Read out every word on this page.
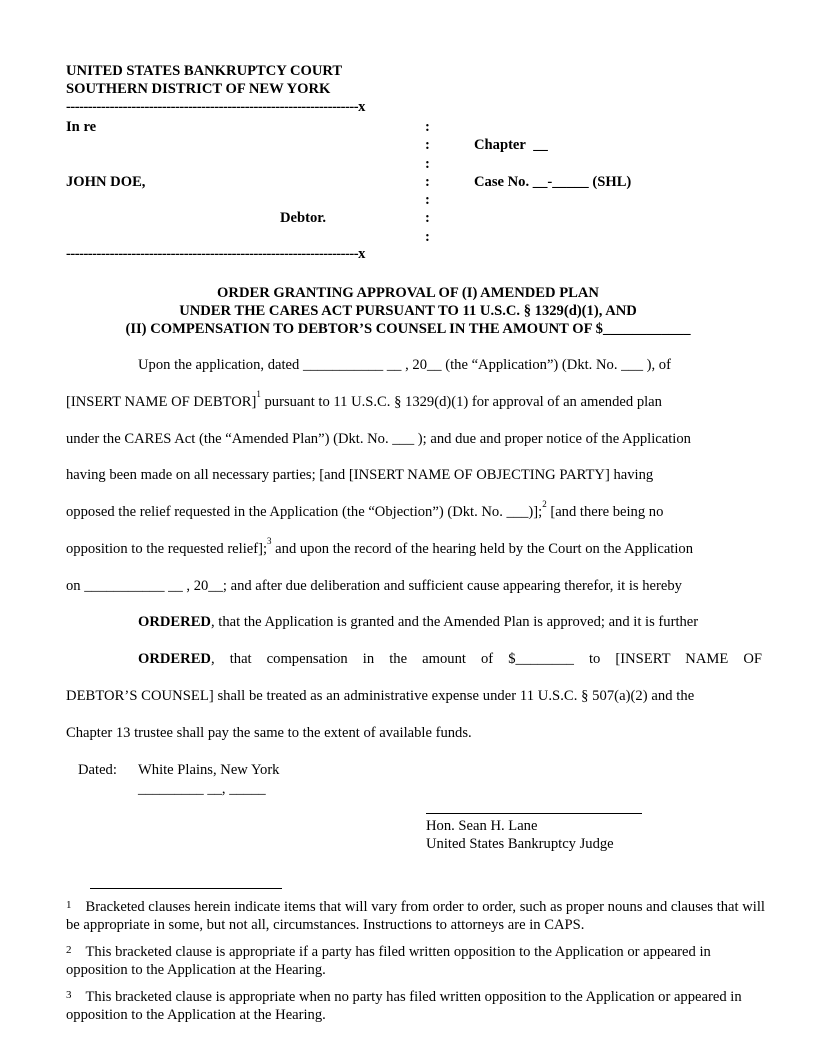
UNITED STATES BANKRUPTCY COURT
SOUTHERN DISTRICT OF NEW YORK
-------------------------------------------------------------------x
In re
JOHN DOE,
Debtor.
:
:
:
:
:
:
:
-------------------------------------------------------------------x
Chapter __
Case No. __-_____ (SHL)
ORDER GRANTING APPROVAL OF (I) AMENDED PLAN
UNDER THE CARES ACT PURSUANT TO 11 U.S.C. § 1329(d)(1), AND
(II) COMPENSATION TO DEBTOR’S COUNSEL IN THE AMOUNT OF $____________
Upon the application, dated ___________ __ , 20__ (the “Application”) (Dkt. No. ___ ), of
[INSERT NAME OF DEBTOR]$^1$ pursuant to 11 U.S.C. § 1329(d)(1) for approval of an amended plan
under the CARES Act (the “Amended Plan”) (Dkt. No. ___ ); and due and proper notice of the Application
having been made on all necessary parties; [and [INSERT NAME OF OBJECTING PARTY] having
opposed the relief requested in the Application (the “Objection”) (Dkt. No. ___)];$^2$ [and there being no
opposition to the requested relief];$^3$ and upon the record of the hearing held by the Court on the Application
on ___________ __ , 20__; and after due deliberation and sufficient cause appearing therefor, it is hereby
ORDERED, that the Application is granted and the Amended Plan is approved; and it is further
ORDERED, that compensation in the amount of $________ to [INSERT NAME OF
DEBTOR’S COUNSEL] shall be treated as an administrative expense under 11 U.S.C. § 507(a)(2) and the
Chapter 13 trustee shall pay the same to the extent of available funds.
Dated: White Plains, New York
_________ __, _____
Hon. Sean H. Lane
United States Bankruptcy Judge
$^1$ Bracketed clauses herein indicate items that will vary from order to order, such as proper nouns and clauses that will be appropriate in some, but not all, circumstances. Instructions to attorneys are in CAPS.
$^2$ This bracketed clause is appropriate if a party has filed written opposition to the Application or appeared in opposition to the Application at the Hearing.
$^3$ This bracketed clause is appropriate when no party has filed written opposition to the Application or appeared in opposition to the Application at the Hearing.
